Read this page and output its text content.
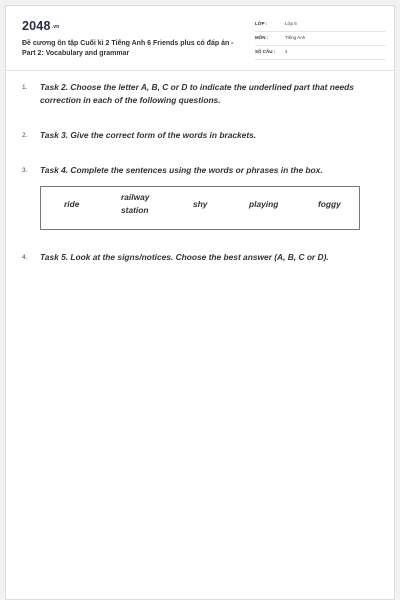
2048.vn
Đề cương ôn tập Cuối kì 2 Tiếng Anh 6 Friends plus có đáp án - Part 2: Vocabulary and grammar
LỚP :	Lớp 6
MÔN :	Tiếng Anh
SỐ CÂU : 4
1. Task 2. Choose the letter A, B, C or D to indicate the underlined part that needs correction in each of the following questions.
2. Task 3. Give the correct form of the words in brackets.
3. Task 4. Complete the sentences using the words or phrases in the box.
ride
railway station
shy	playing	foggy
4. Task 5. Look at the signs/notices. Choose the best answer (A, B, C or D).
